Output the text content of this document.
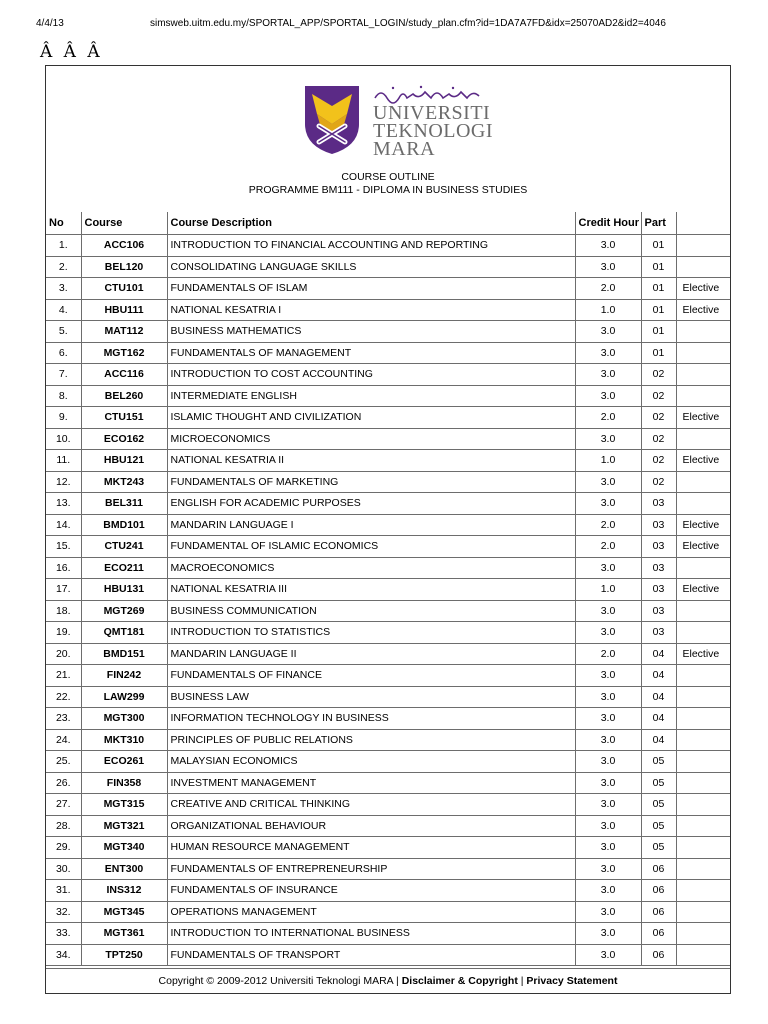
4/4/13	simsweb.uitm.edu.my/SPORTAL_APP/SPORTAL_LOGIN/study_plan.cfm?id=1DA7A7FD&idx=25070AD2&id2=4046
Â Â Â
UNIVERSITI
TEKNOLOGI
MARA
COURSE OUTLINE
PROGRAMME BM111 - DIPLOMA IN BUSINESS STUDIES
No	Course	Course Description	Credit Hour	Part	
1.	ACC106	INTRODUCTION TO FINANCIAL ACCOUNTING AND REPORTING	3.0	01	
2.	BEL120	CONSOLIDATING LANGUAGE SKILLS	3.0	01	
3.	CTU101	FUNDAMENTALS OF ISLAM	2.0	01	Elective
4.	HBU111	NATIONAL KESATRIA I	1.0	01	Elective
5.	MAT112	BUSINESS MATHEMATICS	3.0	01	
6.	MGT162	FUNDAMENTALS OF MANAGEMENT	3.0	01	
7.	ACC116	INTRODUCTION TO COST ACCOUNTING	3.0	02	
8.	BEL260	INTERMEDIATE ENGLISH	3.0	02	
9.	CTU151	ISLAMIC THOUGHT AND CIVILIZATION	2.0	02	Elective
10.	ECO162	MICROECONOMICS	3.0	02	
11.	HBU121	NATIONAL KESATRIA II	1.0	02	Elective
12.	MKT243	FUNDAMENTALS OF MARKETING	3.0	02	
13.	BEL311	ENGLISH FOR ACADEMIC PURPOSES	3.0	03	
14.	BMD101	MANDARIN LANGUAGE I	2.0	03	Elective
15.	CTU241	FUNDAMENTAL OF ISLAMIC ECONOMICS	2.0	03	Elective
16.	ECO211	MACROECONOMICS	3.0	03	
17.	HBU131	NATIONAL KESATRIA III	1.0	03	Elective
18.	MGT269	BUSINESS COMMUNICATION	3.0	03	
19.	QMT181	INTRODUCTION TO STATISTICS	3.0	03	
20.	BMD151	MANDARIN LANGUAGE II	2.0	04	Elective
21.	FIN242	FUNDAMENTALS OF FINANCE	3.0	04	
22.	LAW299	BUSINESS LAW	3.0	04	
23.	MGT300	INFORMATION TECHNOLOGY IN BUSINESS	3.0	04	
24.	MKT310	PRINCIPLES OF PUBLIC RELATIONS	3.0	04	
25.	ECO261	MALAYSIAN ECONOMICS	3.0	05	
26.	FIN358	INVESTMENT MANAGEMENT	3.0	05	
27.	MGT315	CREATIVE AND CRITICAL THINKING	3.0	05	
28.	MGT321	ORGANIZATIONAL BEHAVIOUR	3.0	05	
29.	MGT340	HUMAN RESOURCE MANAGEMENT	3.0	05	
30.	ENT300	FUNDAMENTALS OF ENTREPRENEURSHIP	3.0	06	
31.	INS312	FUNDAMENTALS OF INSURANCE	3.0	06	
32.	MGT345	OPERATIONS MANAGEMENT	3.0	06	
33.	MGT361	INTRODUCTION TO INTERNATIONAL BUSINESS	3.0	06	
34.	TPT250	FUNDAMENTALS OF TRANSPORT	3.0	06	
Copyright © 2009-2012 Universiti Teknologi MARA | Disclaimer & Copyright | Privacy Statement
